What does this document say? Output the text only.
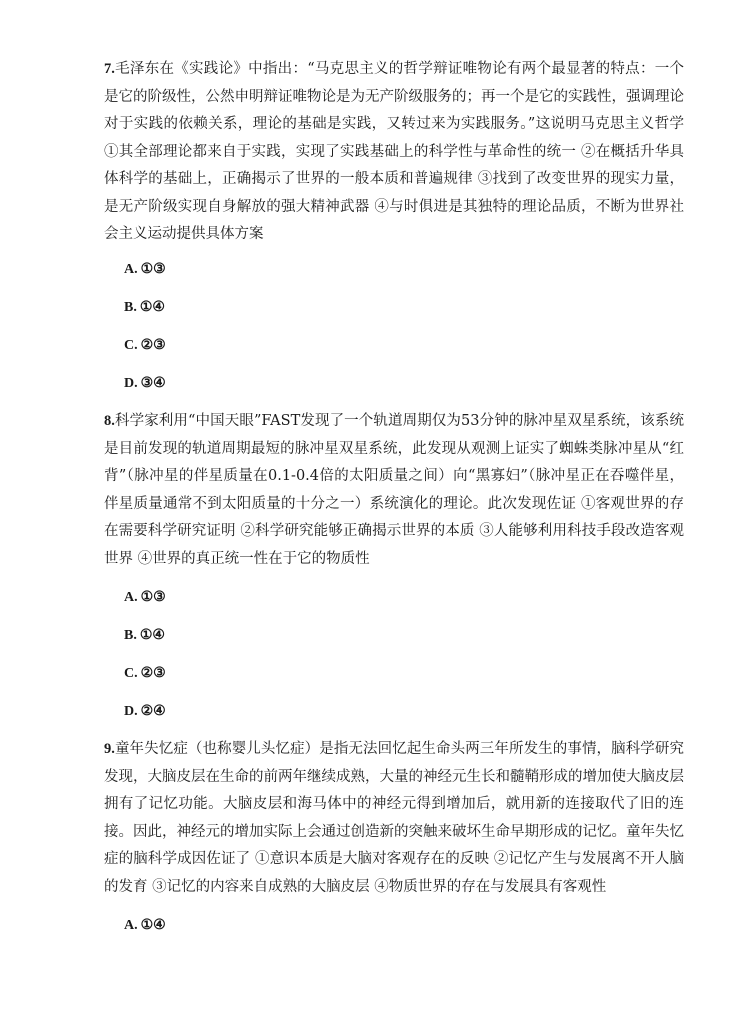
7.毛泽东在《实践论》中指出：“马克思主义的哲学辩证唯物论有两个最显著的特点：一个是它的阶级性，公然申明辩证唯物论是为无产阶级服务的；再一个是它的实践性，强调理论对于实践的依赖关系，理论的基础是实践，又转过来为实践服务。”这说明马克思主义哲学 ①其全部理论都来自于实践，实现了实践基础上的科学性与革命性的统一 ②在概括升华具体科学的基础上，正确揭示了世界的一般本质和普遍规律 ③找到了改变世界的现实力量，是无产阶级实现自身解放的强大精神武器 ④与时俱进是其独特的理论品质，不断为世界社会主义运动提供具体方案

A. ①③
B. ①④
C. ②③
D. ③④

8.科学家利用“中国天眼”FAST发现了一个轨道周期仅为53分钟的脉冲星双星系统，该系统是目前发现的轨道周期最短的脉冲星双星系统，此发现从观测上证实了蜘蛛类脉冲星从“红背”（脉冲星的伴星质量在0.1-0.4倍的太阳质量之间）向“黑寡妇”（脉冲星正在吞噬伴星，伴星质量通常不到太阳质量的十分之一）系统演化的理论。此次发现佐证 ①客观世界的存在需要科学研究证明 ②科学研究能够正确揭示世界的本质 ③人能够利用科技手段改造客观世界 ④世界的真正统一性在于它的物质性

A. ①③
B. ①④
C. ②③
D. ②④

9.童年失忆症（也称婴儿头忆症）是指无法回忆起生命头两三年所发生的事情，脑科学研究发现，大脑皮层在生命的前两年继续成熟，大量的神经元生长和髓鞘形成的增加使大脑皮层拥有了记忆功能。大脑皮层和海马体中的神经元得到增加后，就用新的连接取代了旧的连接。因此，神经元的增加实际上会通过创造新的突触来破坏生命早期形成的记忆。童年失忆症的脑科学成因佐证了 ①意识本质是大脑对客观存在的反映 ②记忆产生与发展离不开人脑的发育 ③记忆的内容来自成熟的大脑皮层 ④物质世界的存在与发展具有客观性

A. ①④
